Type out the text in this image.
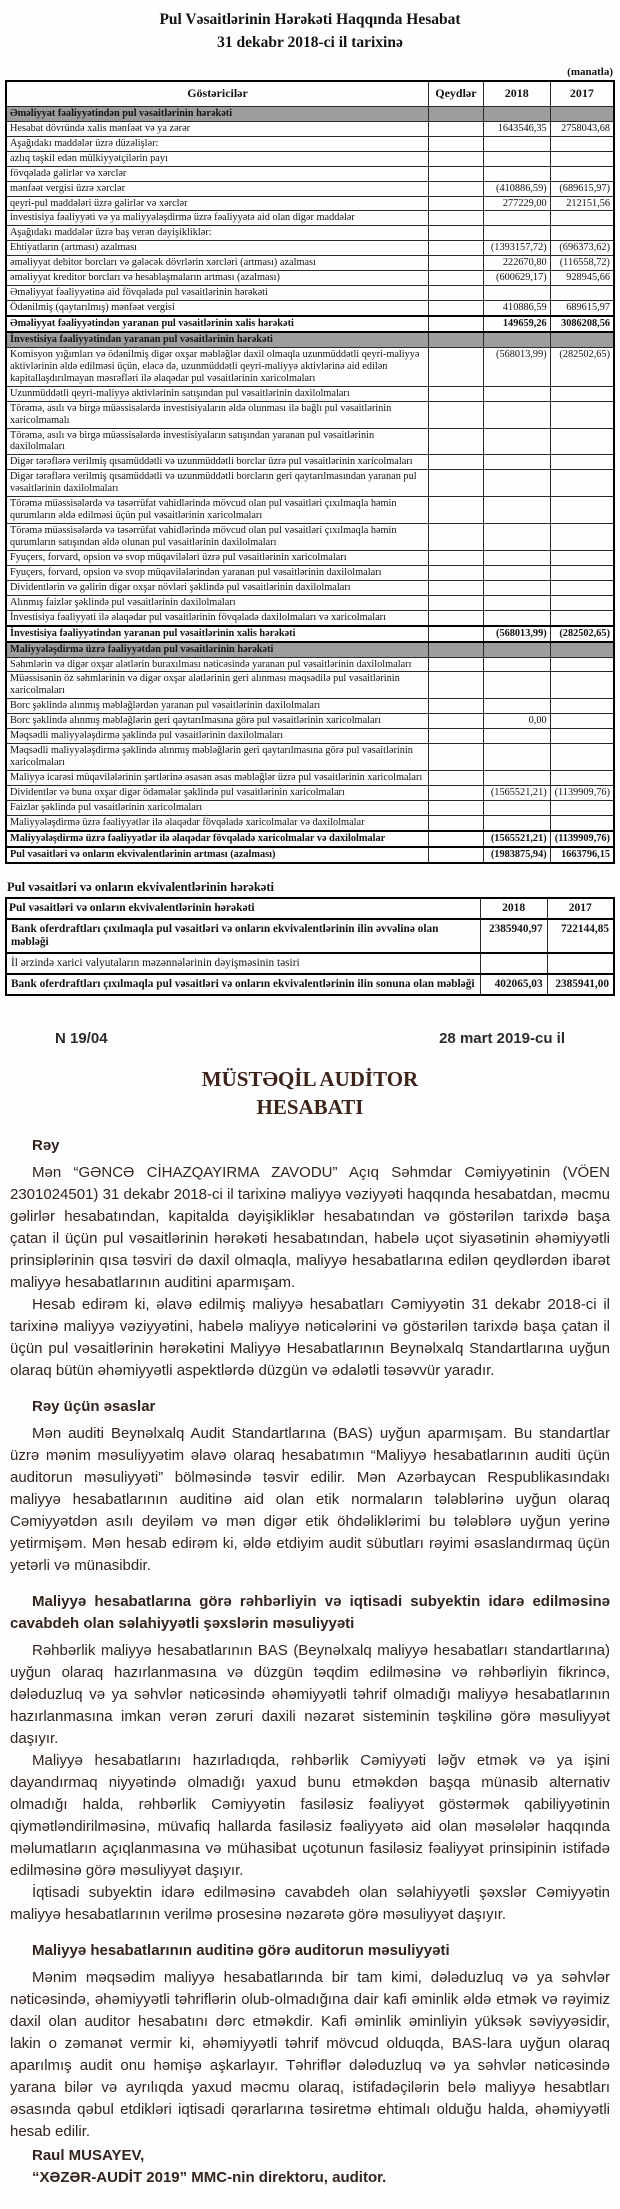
Pul Vəsaitlərinin Hərəkəti Haqqında Hesabat

31 dekabr 2018-ci il tarixinə

(manatla)

Göstəricilər	Qeydlər	2018	2017
Əməliyyat fəaliyyətindən pul vəsaitlərinin hərəkəti			
Hesabat dövründə xalis mənfəət və ya zərər		1643546,35	2758043,68
Aşağıdakı maddələr üzrə düzəlişlər:			
azlıq təşkil edən mülkiyyətçilərin payı			
fövqəladə gəlirlər və xərclər			
mənfəət vergisi üzrə xərclər		(410886,59)	(689615,97)
qeyri-pul maddələri üzrə gəlirlər və xərclər		277229,00	212151,56
investisiya fəaliyyəti və ya maliyyələşdirmə üzrə fəaliyyətə aid olan digər maddələr			
Aşağıdakı maddələr üzrə baş verən dəyişikliklər:			
Ehtiyatların (artması) azalması		(1393157,72)	(696373,62)
əməliyyat debitor borcları və gələcək dövrlərin xərcləri (artması) azalması		222670,80	(116558,72)
əməliyyat kreditor borcları və hesablaşmaların artması (azalması)		(600629,17)	928945,66
Əməliyyat fəaliyyətinə aid fövqəladə pul vəsaitlərinin hərəkəti			
Ödənilmiş (qaytarılmış) mənfəət vergisi		410886,59	689615,97
Əməliyyat fəaliyyətindən yaranan pul vəsaitlərinin xalis hərəkəti		149659,26	3086208,56
İnvestisiya fəaliyyətindən yaranan pul vəsaitlərinin hərəkəti			
Komisyon yığımları və ödənilmiş digər oxşar məbləğlər daxil olmaqla uzunmüddətli qeyri-maliyyə aktivlərinin əldə edilməsi üçün, eləcə də, uzunmüddətli qeyri-maliyyə aktivlərinə aid edilən kapitallaşdırılmayan məsrəfləri ilə əlaqədar pul vəsaitlərinin xaricolmaları		(568013,99)	(282502,65)
Uzunmüddətli qeyri-maliyyə aktivlərinin satışından pul vəsaitlərinin daxilolmaları			
Törəmə, asılı və birgə müəssisələrdə investisiyaların əldə olunması ilə bağlı pul vəsaitlərinin xaricolmamalı			
Törəmə, asılı və birgə müəssisələrdə investisiyaların satışından yaranan pul vəsaitlərinin daxilolmaları			
Digər tərəflərə verilmiş qısamüddətli və uzunmüddətli borclar üzrə pul vəsaitlərinin xaricolmaları			
Digər tərəflərə verilmiş qısamüddətli və uzunmüddətli borcların geri qaytarılmasından yaranan pul vəsaitlərinin daxilolmaları			
Törəmə müəssisələrdə və təsərrüfat vahidlərində mövcud olan pul vəsaitləri çıxılmaqla həmin qurumların əldə edilməsi üçün pul vəsaitlərinin xaricolmaları			
Törəmə müəssisələrdə və təsərrüfat vahidlərində mövcud olan pul vəsaitləri çıxılmaqla həmin qurumların satışından əldə olunan pul vəsaitlərinin daxilolmaları			
Fyuçers, forvard, opsion və svop müqavilələri üzrə pul vəsaitlərinin xaricolmaları			
Fyuçers, forvard, opsion və svop müqavilələrindən yaranan pul vəsaitlərinin daxilolmaları			
Dividentlərin və gəlirin digər oxşar növləri şəklində pul vəsaitlərinin daxilolmaları			
Alınmış faizlər şəklində pul vəsaitlərinin daxilolmaları			
İnvestisiya fəaliyyəti ilə əlaqədar pul vəsaitlərinin fövqəladə daxilolmaları və xaricolmaları			
İnvestisiya fəaliyyətindən yaranan pul vəsaitlərinin xalis hərəkəti		(568013,99)	(282502,65)
Maliyyələşdirmə üzrə fəaliyyətdən pul vəsaitlərinin hərəkəti			
Səhmlərin və digər oxşar alətlərin buraxılması nəticəsində yaranan pul vəsaitlərinin daxilolmaları			
Müəssisənin öz səhmlərinin və digər oxşar alətlərinin geri alınması məqsədilə pul vəsaitlərinin xaricolmaları			
Borc şəklində alınmış məbləğlərdən yaranan pul vəsaitlərinin daxilolmaları			
Borc şəklində alınmış məbləğlərin geri qaytarılmasına görə pul vəsaitlərinin xaricolmaları		0,00	
Məqsədli maliyyələşdirmə şəklində pul vəsaitlərinin daxilolmaları			
Məqsədli maliyyələşdirmə şəklində alınmış məbləğlərin geri qaytarılmasına görə pul vəsaitlərinin xaricolmaları			
Maliyyə icarəsi müqavilələrinin şərtlərinə əsasən əsas məbləğlər üzrə pul vəsaitlərinin xaricolmaları			
Dividentlər və buna oxşar digər ödəmələr şəklində pul vəsaitlərinin xaricolmaları		(1565521,21)	(1139909,76)
Faizlər şəklində pul vəsaitlərinin xaricolmaları			
Maliyyələşdirmə üzrə fəaliyyətlər ilə əlaqədar fövqəladə xaricolmalar və daxilolmalar			
Maliyyələşdirmə üzrə fəaliyyətlər ilə əlaqədar fövqəladə xaricolmalar və daxilolmalar		(1565521,21)	(1139909,76)
Pul vəsaitləri və onların ekvivalentlərinin artması (azalması)		(1983875,94)	1663796,15

Pul vəsaitləri və onların ekvivalentlərinin hərəkəti

Pul vəsaitləri və onların ekvivalentlərinin hərəkəti	2018	2017
Bank oferdraftları çıxılmaqla pul vəsaitləri və onların ekvivalentlərinin ilin əvvəlinə olan məbləği	2385940,97	722144,85
İl ərzində xarici valyutaların məzənnələrinin dəyişməsinin təsiri		
Bank oferdraftları çıxılmaqla pul vəsaitləri və onların ekvivalentlərinin ilin sonuna olan məbləği	402065,03	2385941,00
N 19/04	28 mart 2019-cu il

MÜSTƏQİL AUDİTOR
HESABATI

Rəy

Mən “GƏNCƏ CİHAZQAYIRMA ZAVODU” Açıq Səhmdar Cəmiyyətinin (VÖEN 2301024501) 31 dekabr 2018-ci il tarixinə maliyyə vəziyyəti haqqında hesabatdan, məcmu gəlirlər hesabatından, kapitalda dəyişikliklər hesabatından və göstərilən tarixdə başa çatan il üçün pul vəsaitlərinin hərəkəti hesabatından, habelə uçot siyasətinin əhəmiyyətli prinsiplərinin qısa təsviri də daxil olmaqla, maliyyə hesabatlarına edilən qeydlərdən ibarət maliyyə hesabatlarının auditini aparmışam.

Hesab edirəm ki, əlavə edilmiş maliyyə hesabatları Cəmiyyətin 31 dekabr 2018-ci il tarixinə maliyyə vəziyyətini, habelə maliyyə nəticələrini və göstərilən tarixdə başa çatan il üçün pul vəsaitlərinin hərəkətini Maliyyə Hesabatlarının Beynəlxalq Standartlarına uyğun olaraq bütün əhəmiyyətli aspektlərdə düzgün və ədalətli təsəvvür yaradır.

Rəy üçün əsaslar

Mən auditi Beynəlxalq Audit Standartlarına (BAS) uyğun aparmışam. Bu standartlar üzrə mənim məsuliyyətim əlavə olaraq hesabatımın “Maliyyə hesabatlarının auditi üçün auditorun məsuliyyəti” bölməsində təsvir edilir. Mən Azərbaycan Respublikasındakı maliyyə hesabatlarının auditinə aid olan etik normaların tələblərinə uyğun olaraq Cəmiyyətdən asılı deyiləm və mən digər etik öhdəliklərimi bu tələblərə uyğun yerinə yetirmişəm. Mən hesab edirəm ki, əldə etdiyim audit sübutları rəyimi əsaslandırmaq üçün yetərli və münasibdir.

Maliyyə hesabatlarına görə rəhbərliyin və iqtisadi subyektin idarə edilməsinə cavabdeh olan səlahiyyətli şəxslərin məsuliyyəti

Rəhbərlik maliyyə hesabatlarının BAS (Beynəlxalq maliyyə hesabatları standartlarına) uyğun olaraq hazırlanmasına və düzgün təqdim edilməsinə və rəhbərliyin fikrincə, dələduzluq və ya səhvlər nəticəsində əhəmiyyətli təhrif olmadığı maliyyə hesabatlarının hazırlanmasına imkan verən zəruri daxili nəzarət sisteminin təşkilinə görə məsuliyyət daşıyır.

Maliyyə hesabatlarını hazırladıqda, rəhbərlik Cəmiyyəti ləğv etmək və ya işini dayandırmaq niyyətində olmadığı yaxud bunu etməkdən başqa münasib alternativ olmadığı halda, rəhbərlik Cəmiyyətin fasiləsiz fəaliyyət göstərmək qabiliyyətinin qiymətləndirilməsinə, müvafiq hallarda fasiləsiz fəaliyyətə aid olan məsələlər haqqında məlumatların açıqlanmasına və mühasibat uçotunun fasiləsiz fəaliyyət prinsipinin istifadə edilməsinə görə məsuliyyət daşıyır.

İqtisadi subyektin idarə edilməsinə cavabdeh olan səlahiyyətli şəxslər Cəmiyyətin maliyyə hesabatlarının verilmə prosesinə nəzarətə görə məsuliyyət daşıyır.

Maliyyə hesabatlarının auditinə görə auditorun məsuliyyəti

Mənim məqsədim maliyyə hesabatlarında bir tam kimi, dələduzluq və ya səhvlər nəticəsində, əhəmiyyətli təhriflərin olub-olmadığına dair kafi əminlik əldə etmək və rəyimiz daxil olan auditor hesabatını dərc etməkdir. Kafi əminlik əminliyin yüksək səviyyəsidir, lakin o zəmanət vermir ki, əhəmiyyətli təhrif mövcud olduqda, BAS-lara uyğun olaraq aparılmış audit onu həmişə aşkarlayır. Təhriflər dələduzluq və ya səhvlər nəticəsində yarana bilər və ayrılıqda yaxud məcmu olaraq, istifadəçilərin belə maliyyə hesabtları əsasında qəbul etdikləri iqtisadi qərarlarına təsiretmə ehtimalı olduğu halda, əhəmiyyətli hesab edilir.

Raul MUSAYEV,

“XƏZƏR-AUDİT 2019” MMC-nin direktoru, auditor.
